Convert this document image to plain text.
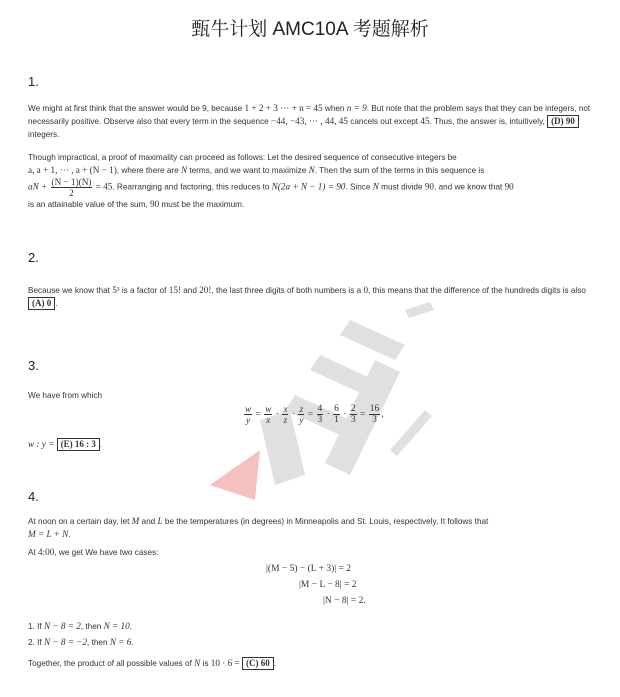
甄牛计划 AMC10A 考题解析
1.
We might at first think that the answer would be 9, because 1 + 2 + 3 ··· + n = 45 when n = 9. But note that the problem says that they can be integers, not necessarily positive. Observe also that every term in the sequence −44, −43, ··· , 44, 45 cancels out except 45. Thus, the answer is, intuitively, (D) 90 integers.
Though impractical, a proof of maximality can proceed as follows: Let the desired sequence of consecutive integers be
a, a + 1, ··· , a + (N − 1), where there are N terms, and we want to maximize N. Then the sum of the terms in this sequence is
aN + $\frac{(N - 1)(N)}{2} = 45$. Rearranging and factoring, this reduces to N(2a + N − 1) = 90. Since N must divide 90, and we know that 90
is an attainable value of the sum, 90 must be the maximum.
2.
Because we know that 5³ is a factor of 15! and 20!, the last three digits of both numbers is a 0, this means that the difference of the hundreds digits is also (A) 0 .
3.
We have from which
$\frac{w}{y} = \frac{w}{x} \cdot \frac{x}{z} \cdot \frac{z}{y} = \frac{4}{3} \cdot \frac{6}{1} \cdot \frac{2}{3} = \frac{16}{3}$ ,
w : y = (E) 16 : 3 .
4.
At noon on a certain day, let M and L be the temperatures (in degrees) in Minneapolis and St. Louis, respectively. It follows that
M = L + N.
At 4:00, we get We have two cases:
|(M − 5) − (L + 3)| = 2
|M − L − 8| = 2
|N − 8| = 2.
1. If N − 8 = 2, then N = 10.
2. If N − 8 = −2, then N = 6.
Together, the product of all possible values of N is 10 · 6 = (C) 60 .
